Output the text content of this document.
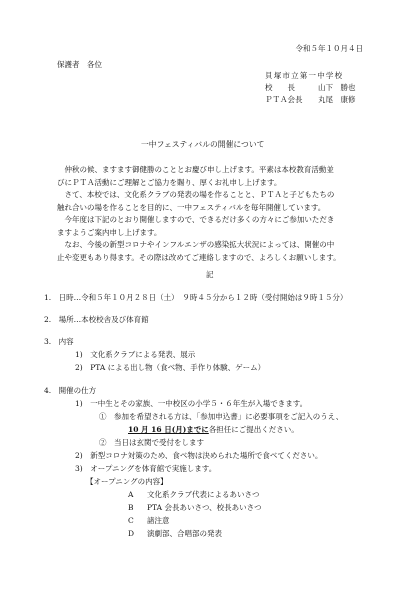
令和５年１０月４日
保護者　各位
貝塚市立第一中学校
校　　長	山下　勝也
ＰＴＡ会長 丸尾　康修
一中フェスティバルの開催について
　仲秋の候、ますます御健勝のこととお慶び申し上げます。平素は本校教育活動並
びにＰＴＡ活動にご理解とご協力を賜り、厚くお礼申し上げます。
　さて、本校では、文化系クラブの発表の場を作ることと、ＰＴＡと子どもたちの
触れ合いの場を作ることを目的に、一中フェスティバルを毎年開催しています。
　今年度は下記のとおり開催しますので、できるだけ多くの方々にご参加いただき
ますようご案内申し上げます。
　なお、今後の新型コロナやインフルエンザの感染拡大状況によっては、開催の中
止や変更もあり得ます。その際は改めてご連絡しますので、よろしくお願いします。
記
1.　日時…令和５年１０月２８日（土）　９時４５分から１２時（受付開始は９時１５分）
2.　場所…本校校舎及び体育館
3.　内容
1)　文化系クラブによる発表、展示
2)　PTA による出し物（食べ物、手作り体験、ゲーム）
4.　開催の仕方
1)　一中生とその家族、一中校区の小学５・６年生が入場できます。
①　参加を希望される方は、「参加申込書」に必要事項をご記入のうえ、
10 月 16 日(月)までに各担任にご提出ください。
②　当日は玄関で受付をします
2)　新型コロナ対策のため、食べ物は決められた場所で食べてください。
3)　オープニングを体育館で実施します。
【オープニングの内容】
A 文化系クラブ代表によるあいさつ
B PTA 会長あいさつ、校長あいさつ
C 諸注意
D 演劇部、合唱部の発表
